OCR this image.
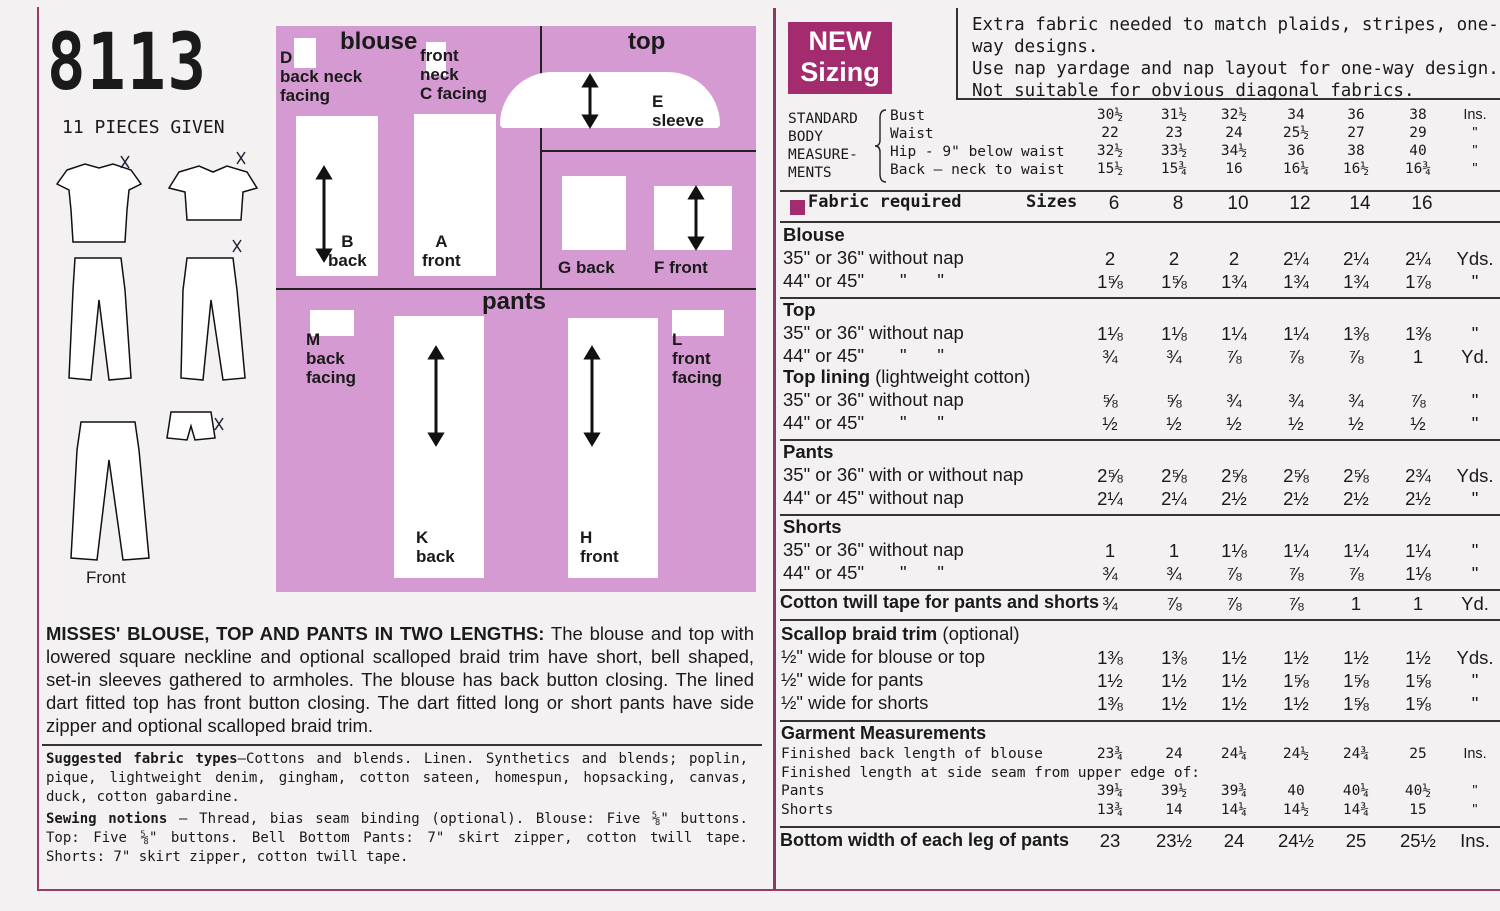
8113
11 PIECES GIVEN
Front
blouse	top
pants
D
back neck
facing
front
neck
C facing	E
sleeve
B
back
A
front	G back F front
M
back
facing
L
front
facing
K
back
H
front
MISSES' BLOUSE, TOP AND PANTS IN TWO LENGTHS: The blouse and top with lowered square neckline and optional scalloped braid trim have short, bell shaped, set-in sleeves gathered to armholes. The blouse has back button closing. The lined dart fitted top has front button closing. The dart fitted long or short pants have side zipper and optional scalloped braid trim.
Suggested fabric types—Cottons and blends. Linen. Synthetics and blends; poplin, pique, lightweight denim, gingham, cotton sateen, homespun, hopsacking, canvas, duck, cotton gabardine.
Sewing notions — Thread, bias seam binding (optional). Blouse: Five ⅝" buttons. Top: Five ⅝" buttons. Bell Bottom Pants: 7" skirt zipper, cotton twill tape. Shorts: 7" skirt zipper, cotton twill tape.
NEW
Sizing
Extra fabric needed to match plaids, stripes, one-way designs.
Use nap yardage and nap layout for one-way design.
Not suitable for obvious diagonal fabrics.
STANDARD
BODY
MEASURE-
MENTS
Bust	30½	31½	32½	34	36	38	Ins.
Waist	22	23	24	25½	27	29	"
Hip - 9" below waist	32½	33½	34½	36	38	40	"
Back — neck to waist	15½	15¾	16	16¼	16½	16¾	"
Fabric required	Sizes	6	8	10	12	14	16
Blouse
35" or 36" without nap	2	2	2	2¼	2¼	2¼	Yds.
44" or 45"       "      "	1⅝	1⅝	1¾	1¾	1¾	1⅞	"
Top
35" or 36" without nap	1⅛	1⅛	1¼	1¼	1⅜	1⅜	"
44" or 45"       "      "	¾	¾	⅞	⅞	⅞	1	Yd.
Top lining (lightweight cotton)
35" or 36" without nap	⅝	⅝	¾	¾	¾	⅞	"
44" or 45"       "      "	½	½	½	½	½	½	"
Pants
35" or 36" with or without nap	2⅝	2⅝	2⅝	2⅝	2⅝	2¾	Yds.
44" or 45" without nap	2¼	2¼	2½	2½	2½	2½	"
Shorts
35" or 36" without nap	1	1	1⅛	1¼	1¼	1¼	"
44" or 45"       "      "	¾	¾	⅞	⅞	⅞	1⅛	"
Cotton twill tape for pants and shorts ¾	⅞	⅞	⅞	1	1	Yd.
Scallop braid trim (optional)
½" wide for blouse or top	1⅜	1⅜	1½	1½	1½	1½	Yds.
½" wide for pants	1½	1½	1½	1⅝	1⅝	1⅝	"
½" wide for shorts	1⅜	1½	1½	1½	1⅝	1⅝	"
Garment Measurements
Finished back length of blouse	23¾	24	24¼	24½	24¾	25	Ins.
Finished length at side seam from upper edge of:
Pants	39¼	39½	39¾	40	40¼	40½	"
Shorts	13¾	14	14¼	14½	14¾	15	"
Bottom width of each leg of pants	23	23½	24	24½	25	25½	Ins.
